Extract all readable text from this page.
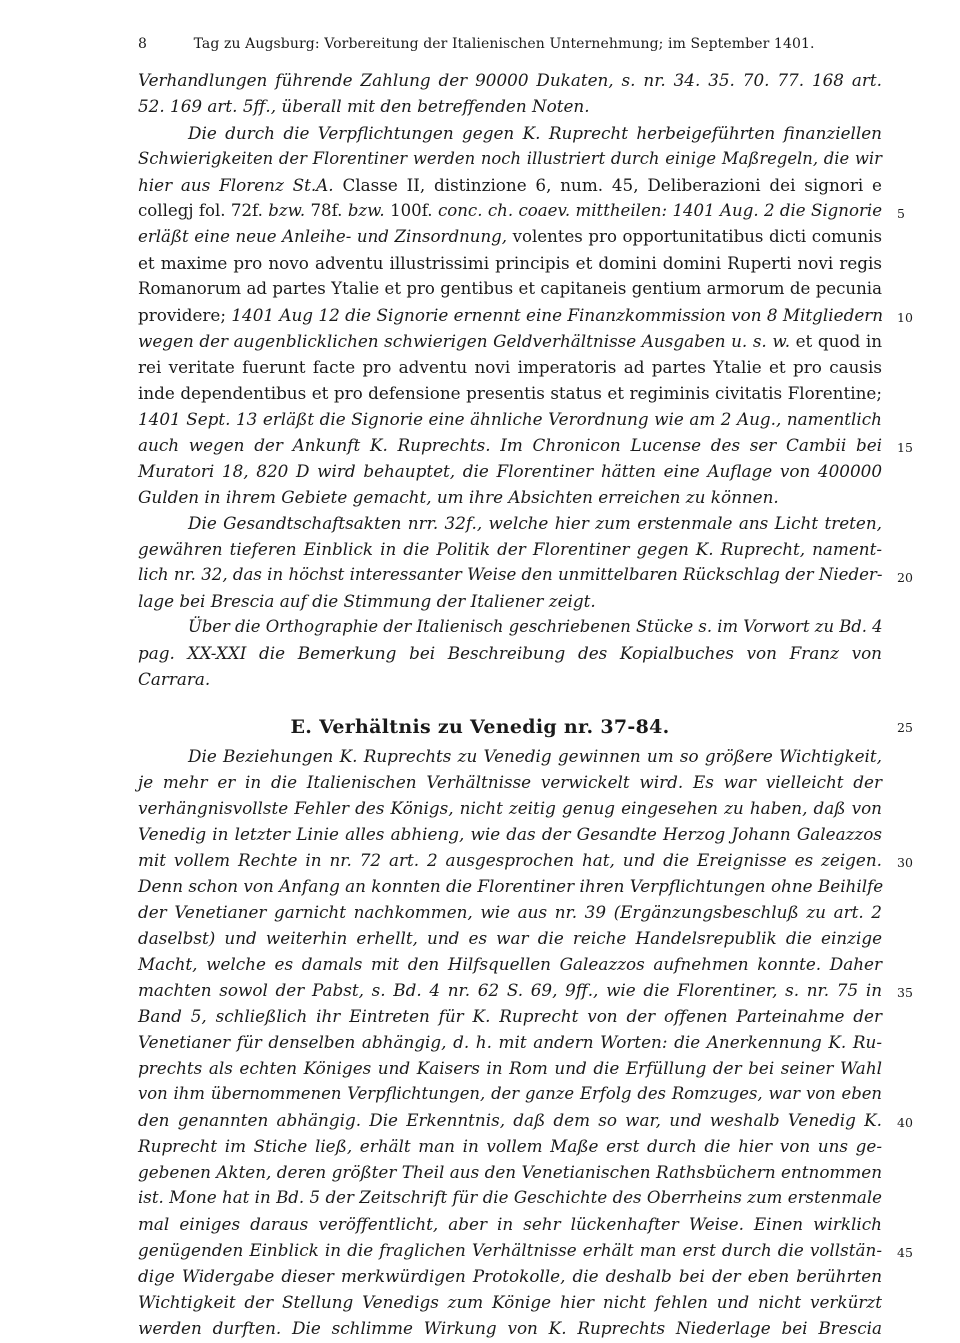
8	Tag zu Augsburg: Vorbereitung der Italienischen Unternehmung; im September 1401.
Verhandlungen führende Zahlung der 90000 Dukaten, s. nr. 34. 35. 70. 77. 168 art.
52. 169 art. 5ff., überall mit den betreffenden Noten.
Die durch die Verpflichtungen gegen K. Ruprecht herbeigeführten finanziellen
Schwierigkeiten der Florentiner werden noch illustriert durch einige Maßregeln, die wir
hier aus Florenz St.A. Classe II, distinzione 6, num. 45, Deliberazioni dei signori e
collegj fol. 72f. bzw. 78f. bzw. 100f. conc. ch. coaev. mittheilen: 1401 Aug. 2 die Signorie
erläßt eine neue Anleihe- und Zinsordnung, volentes pro opportunitatibus dicti comunis
et maxime pro novo adventu illustrissimi principis et domini domini Ruperti novi regis
Romanorum ad partes Ytalie et pro gentibus et capitaneis gentium armorum de pecunia
providere; 1401 Aug 12 die Signorie ernennt eine Finanzkommission von 8 Mitgliedern
wegen der augenblicklichen schwierigen Geldverhältnisse Ausgaben u. s. w. et quod in
rei veritate fuerunt facte pro adventu novi imperatoris ad partes Ytalie et pro causis
inde dependentibus et pro defensione presentis status et regiminis civitatis Florentine;
1401 Sept. 13 erläßt die Signorie eine ähnliche Verordnung wie am 2 Aug., namentlich
auch wegen der Ankunft K. Ruprechts. Im Chronicon Lucense des ser Cambii bei
Muratori 18, 820 D wird behauptet, die Florentiner hätten eine Auflage von 400000
Gulden in ihrem Gebiete gemacht, um ihre Absichten erreichen zu können.
Die Gesandtschaftsakten nrr. 32f., welche hier zum erstenmale ans Licht treten,
gewähren tieferen Einblick in die Politik der Florentiner gegen K. Ruprecht, nament-
lich nr. 32, das in höchst interessanter Weise den unmittelbaren Rückschlag der Nieder-
lage bei Brescia auf die Stimmung der Italiener zeigt.
Über die Orthographie der Italienisch geschriebenen Stücke s. im Vorwort zu Bd. 4
pag. XX-XXI die Bemerkung bei Beschreibung des Kopialbuches von Franz von
Carrara.
E. Verhältnis zu Venedig nr. 37-84.
Die Beziehungen K. Ruprechts zu Venedig gewinnen um so größere Wichtigkeit,
je mehr er in die Italienischen Verhältnisse verwickelt wird. Es war vielleicht der
verhängnisvollste Fehler des Königs, nicht zeitig genug eingesehen zu haben, daß von
Venedig in letzter Linie alles abhieng, wie das der Gesandte Herzog Johann Galeazzos
mit vollem Rechte in nr. 72 art. 2 ausgesprochen hat, und die Ereignisse es zeigen.
Denn schon von Anfang an konnten die Florentiner ihren Verpflichtungen ohne Beihilfe
der Venetianer garnicht nachkommen, wie aus nr. 39 (Ergänzungsbeschluß zu art. 2
daselbst) und weiterhin erhellt, und es war die reiche Handelsrepublik die einzige
Macht, welche es damals mit den Hilfsquellen Galeazzos aufnehmen konnte. Daher
machten sowol der Pabst, s. Bd. 4 nr. 62 S. 69, 9ff., wie die Florentiner, s. nr. 75 in
Band 5, schließlich ihr Eintreten für K. Ruprecht von der offenen Parteinahme der
Venetianer für denselben abhängig, d. h. mit andern Worten: die Anerkennung K. Ru-
prechts als echten Königes und Kaisers in Rom und die Erfüllung der bei seiner Wahl
von ihm übernommenen Verpflichtungen, der ganze Erfolg des Romzuges, war von eben
den genannten abhängig. Die Erkenntnis, daß dem so war, und weshalb Venedig K.
Ruprecht im Stiche ließ, erhält man in vollem Maße erst durch die hier von uns ge-
gebenen Akten, deren größter Theil aus den Venetianischen Rathsbüchern entnommen
ist. Mone hat in Bd. 5 der Zeitschrift für die Geschichte des Oberrheins zum erstenmale
mal einiges daraus veröffentlicht, aber in sehr lückenhafter Weise. Einen wirklich
genügenden Einblick in die fraglichen Verhältnisse erhält man erst durch die vollstän-
dige Widergabe dieser merkwürdigen Protokolle, die deshalb bei der eben berührten
Wichtigkeit der Stellung Venedigs zum Könige hier nicht fehlen und nicht verkürzt
werden durften. Die schlimme Wirkung von K. Ruprechts Niederlage bei Brescia
5
10
15
20
25
30
35
40
45
